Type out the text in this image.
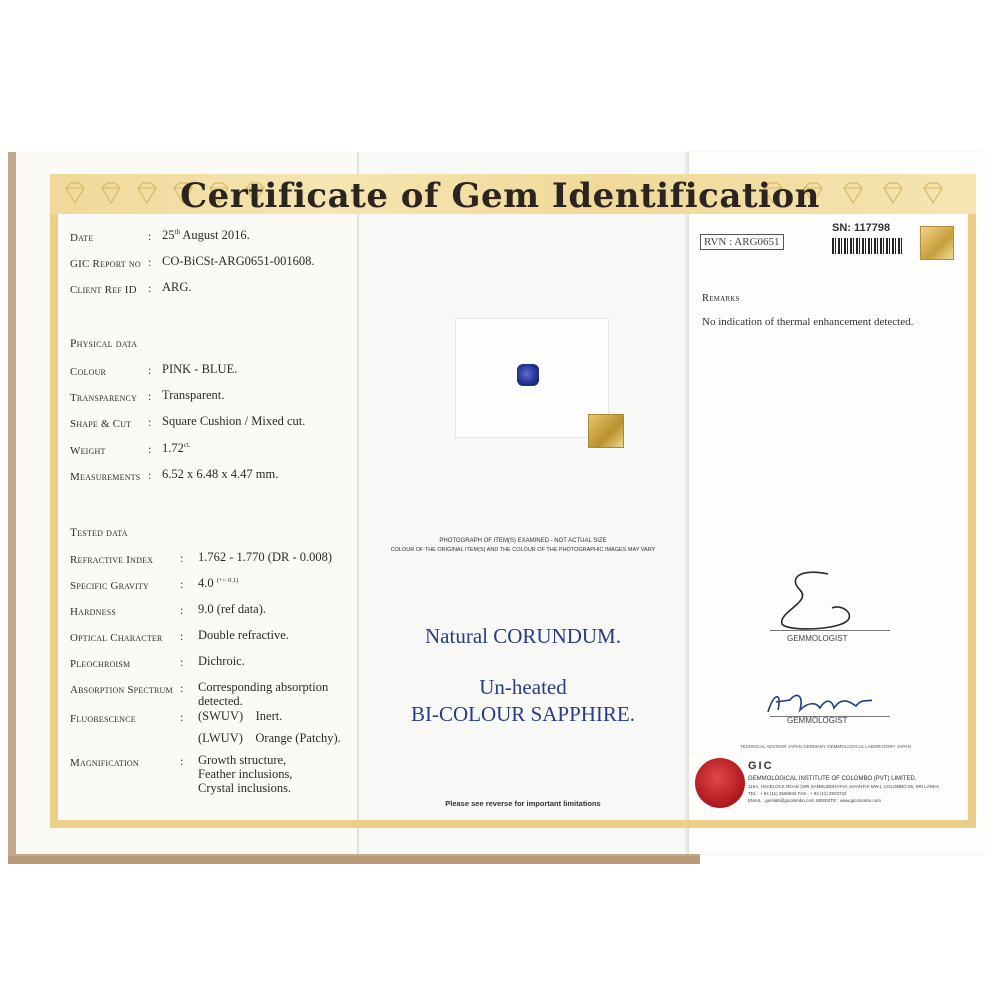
Certificate of Gem Identification
Date	: 25th August 2016.
GIC Report no : CO-BiCSt-ARG0651-001608.
Client Ref ID : ARG.
Physical data
Colour	: PINK - BLUE.
Transparency : Transparent.
Shape & Cut : Square Cushion / Mixed cut.
Weight	: $1.72^{ct.}$
Measurements : 6.52 x 6.48 x 4.47 mm.
Tested data
Refractive Index : 1.762 - 1.770 (DR - 0.008)
Specific Gravity	: 4.0 $^{(+/- 0.1)}$
Hardness	: 9.0 (ref data).
Optical Character : Double refractive.
Pleochroism	: Dichroic.
Absorption Spectrum : Corresponding absorption
detected.
Fluorescence	: (SWUV)    Inert.
(LWUV)    Orange (Patchy).
Magnification	: Growth structure,
Feather inclusions,
Crystal inclusions.
PHOTOGRAPH OF ITEM(S) EXAMINED - NOT ACTUAL SIZE
COLOUR OF THE ORIGINAL ITEM(S) AND THE COLOUR OF THE PHOTOGRAPHIC IMAGES MAY VARY
Natural CORUNDUM.
Un-heated
BI-COLOUR SAPPHIRE.
Please see reverse for important limitations
RVN : ARG0651
SN: 117798
Remarks
No indication of thermal enhancement detected.
GEMMOLOGIST
GEMMOLOGIST
TECHNICAL ADVISOR JAPAN GERMANY GEMMOLOGICAL LABORATORY JAPAN
GIC
GEMMOLOGICAL INSTITUTE OF COLOMBO (PVT) LIMITED.
115A, HAVELOCK ROAD (SRI SAMBUDDHATVA JAYANTHI MW.), COLOMBO 05, SRI LANKA
TEL : + 94 (11) 2506932 FAX : + 94 (11) 2503732
EMAIL : gemlab@gicolombo.com WEBSITE : www.gicolombo.com
